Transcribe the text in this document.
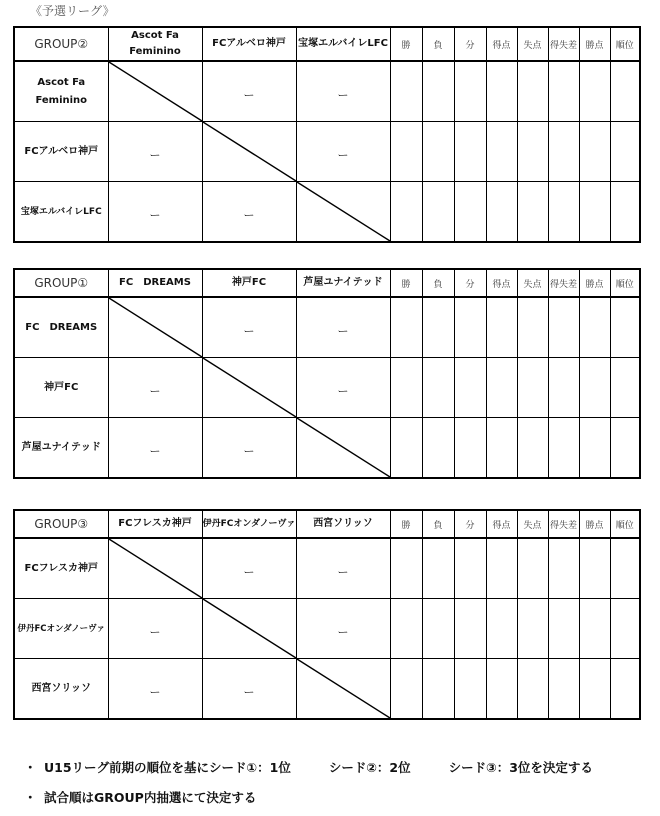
《予選リーグ》
GROUP②	Ascot Fa Feminino	FCアルベロ神戸	宝塚エルバイレLFC	勝	負	分	得点	失点	得失差	勝点	順位
Ascot Fa Feminino		ー	ー								

FCアルベロ神戸	ー		ー								

宝塚エルバイレLFC	ー	ー

GROUP①	FC　DREAMS	神戸FC	芦屋ユナイテッド	勝	負	分	得点	失点	得失差	勝点	順位
FC　DREAMS		ー	ー								

神戸FC	ー		ー								

芦屋ユナイテッド	ー	ー

GROUP③	FCフレスカ神戸	伊丹FCオンダノーヴァ	西宮ソリッソ	勝	負	分	得点	失点	得失差	勝点	順位
FCフレスカ神戸		ー	ー								

伊丹FCオンダノーヴァ	ー		ー								

西宮ソリッソ	ー	ー

・ U15リーグ前期の順位を基にシード①：1位	シード②：2位	シード③：3位を決定する
・ 試合順はGROUP内抽選にて決定する
